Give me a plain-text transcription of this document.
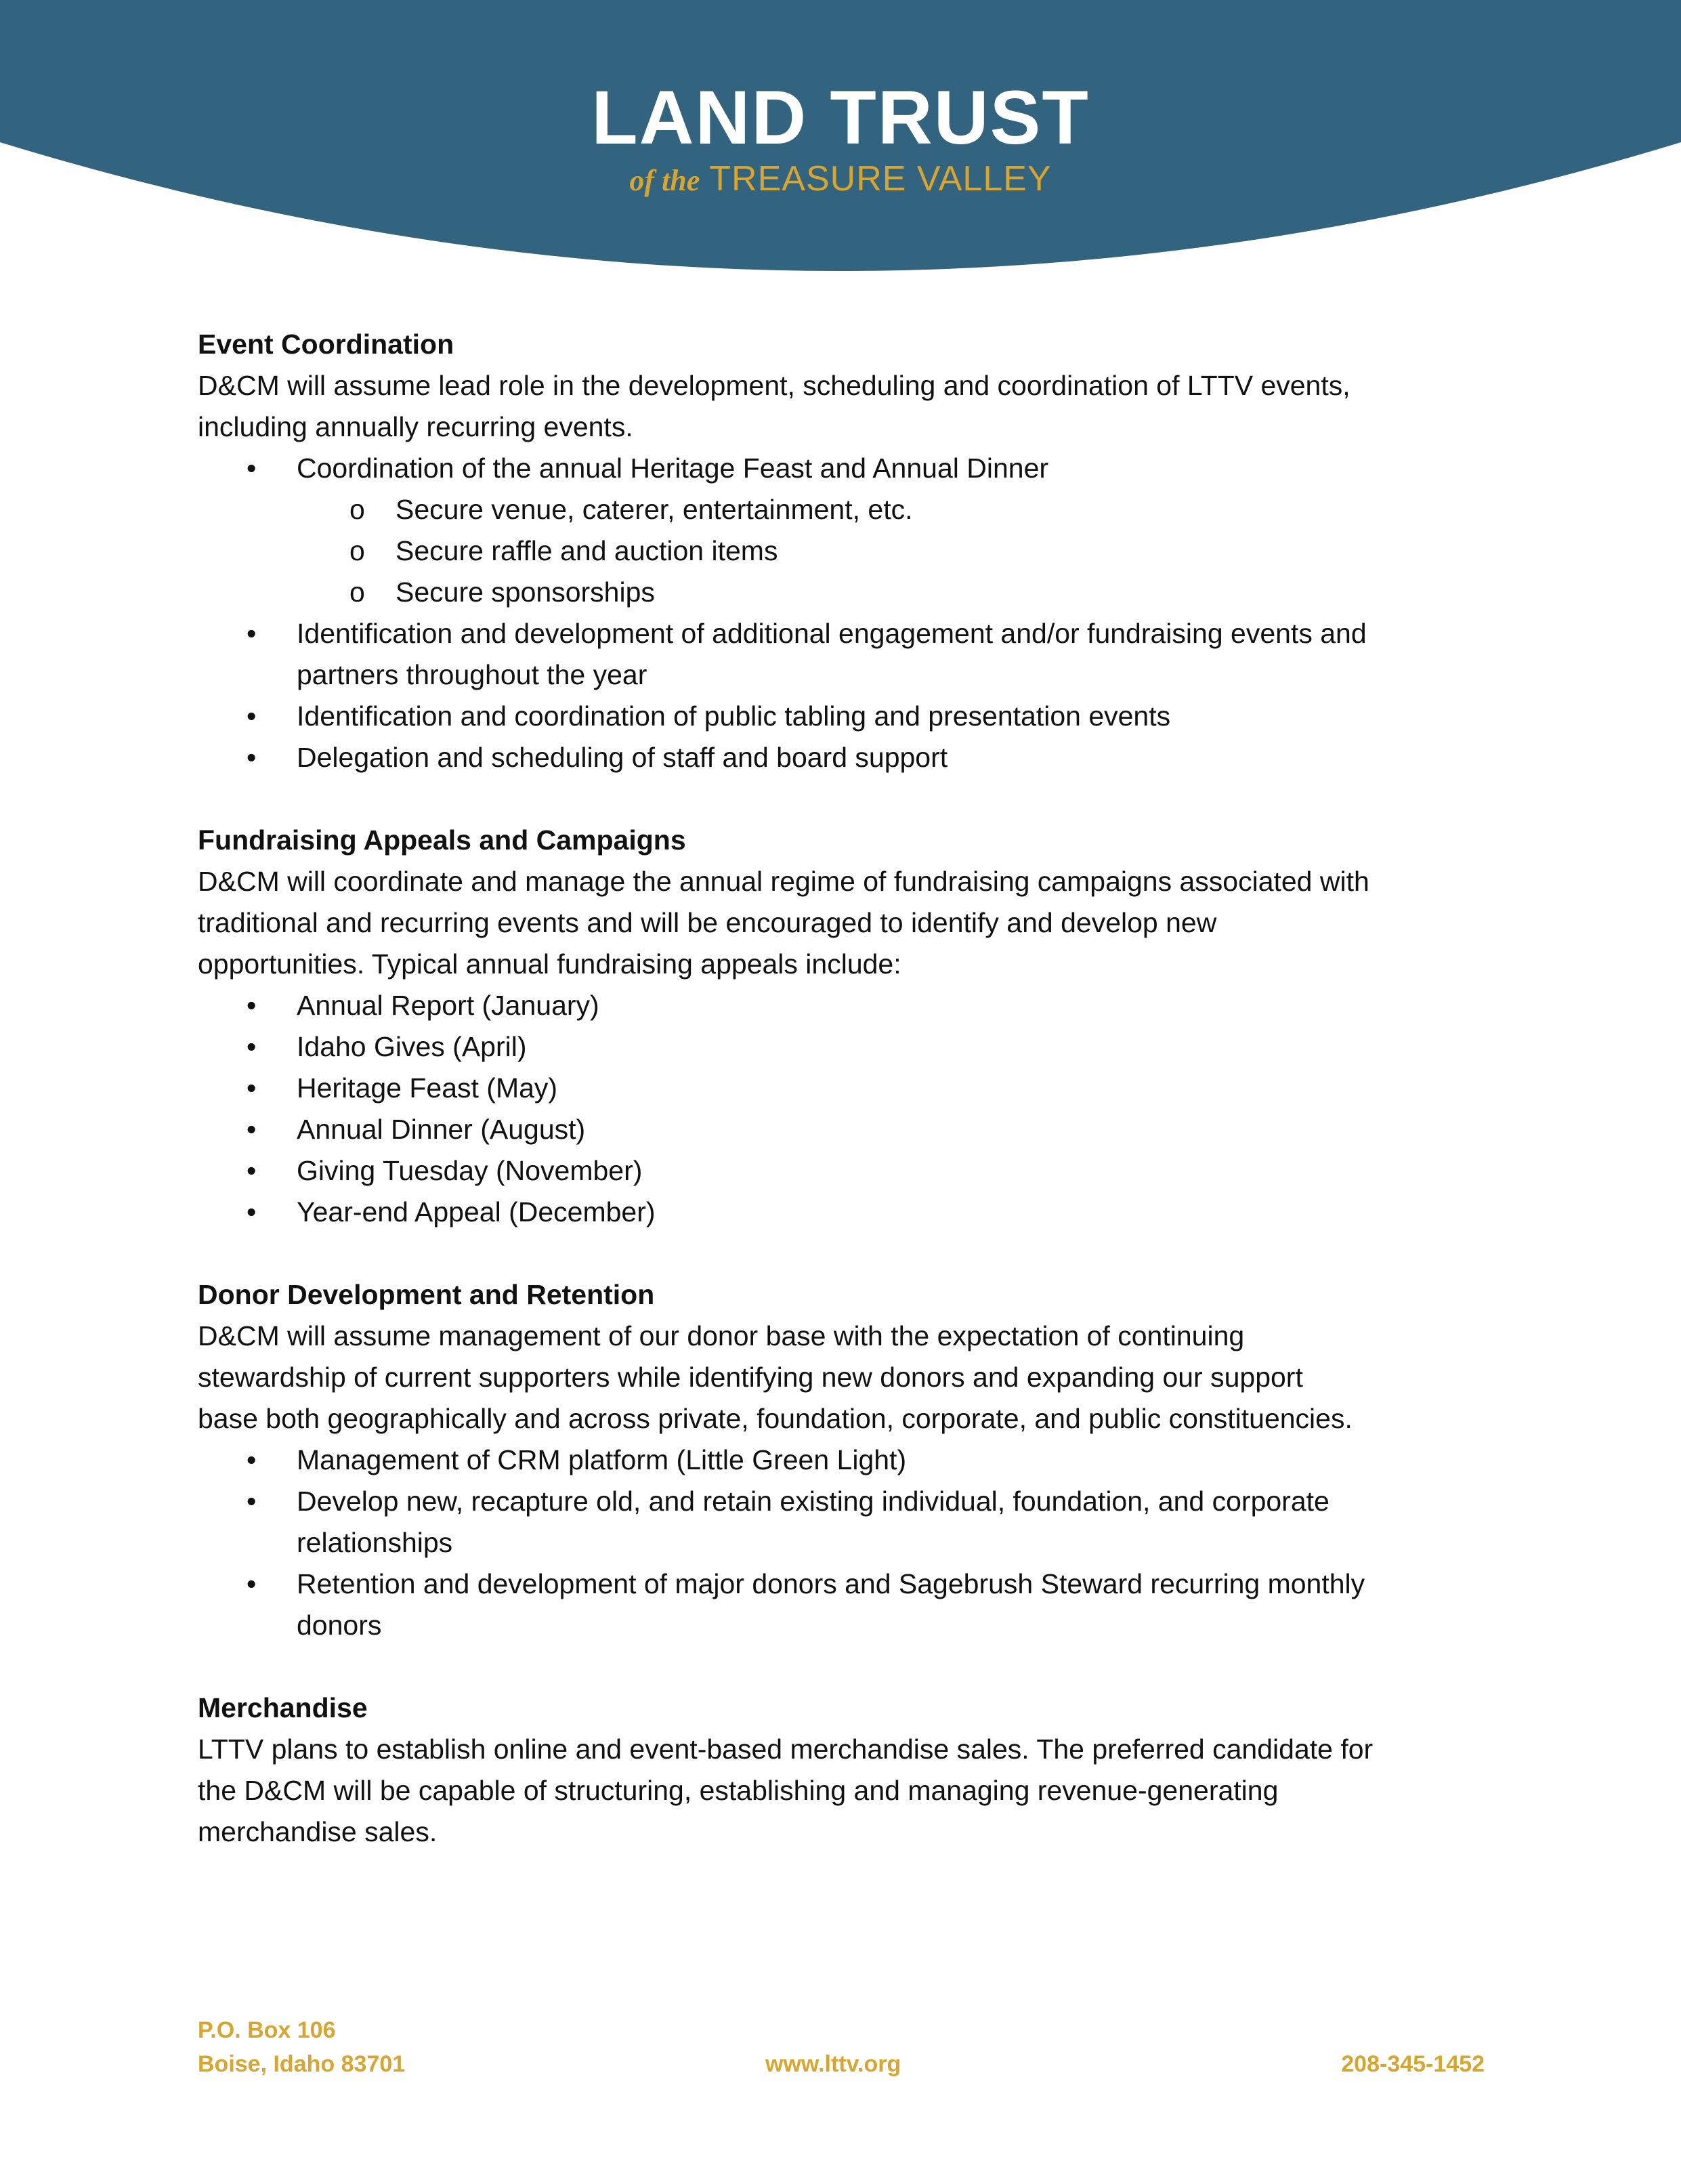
LAND TRUST
of the TREASURE VALLEY
Event Coordination
D&CM will assume lead role in the development, scheduling and coordination of LTTV events,
including annually recurring events.
• Coordination of the annual Heritage Feast and Annual Dinner
o Secure venue, caterer, entertainment, etc.
o Secure raffle and auction items
o Secure sponsorships
• Identification and development of additional engagement and/or fundraising events and
partners throughout the year
• Identification and coordination of public tabling and presentation events
• Delegation and scheduling of staff and board support
Fundraising Appeals and Campaigns
D&CM will coordinate and manage the annual regime of fundraising campaigns associated with
traditional and recurring events and will be encouraged to identify and develop new
opportunities. Typical annual fundraising appeals include:
• Annual Report (January)
• Idaho Gives (April)
• Heritage Feast (May)
• Annual Dinner (August)
• Giving Tuesday (November)
• Year-end Appeal (December)
Donor Development and Retention
D&CM will assume management of our donor base with the expectation of continuing
stewardship of current supporters while identifying new donors and expanding our support
base both geographically and across private, foundation, corporate, and public constituencies.
• Management of CRM platform (Little Green Light)
• Develop new, recapture old, and retain existing individual, foundation, and corporate
relationships
• Retention and development of major donors and Sagebrush Steward recurring monthly
donors
Merchandise
LTTV plans to establish online and event-based merchandise sales. The preferred candidate for
the D&CM will be capable of structuring, establishing and managing revenue-generating
merchandise sales.
P.O. Box 106
Boise, Idaho 83701	www.lttv.org	208-345-1452
